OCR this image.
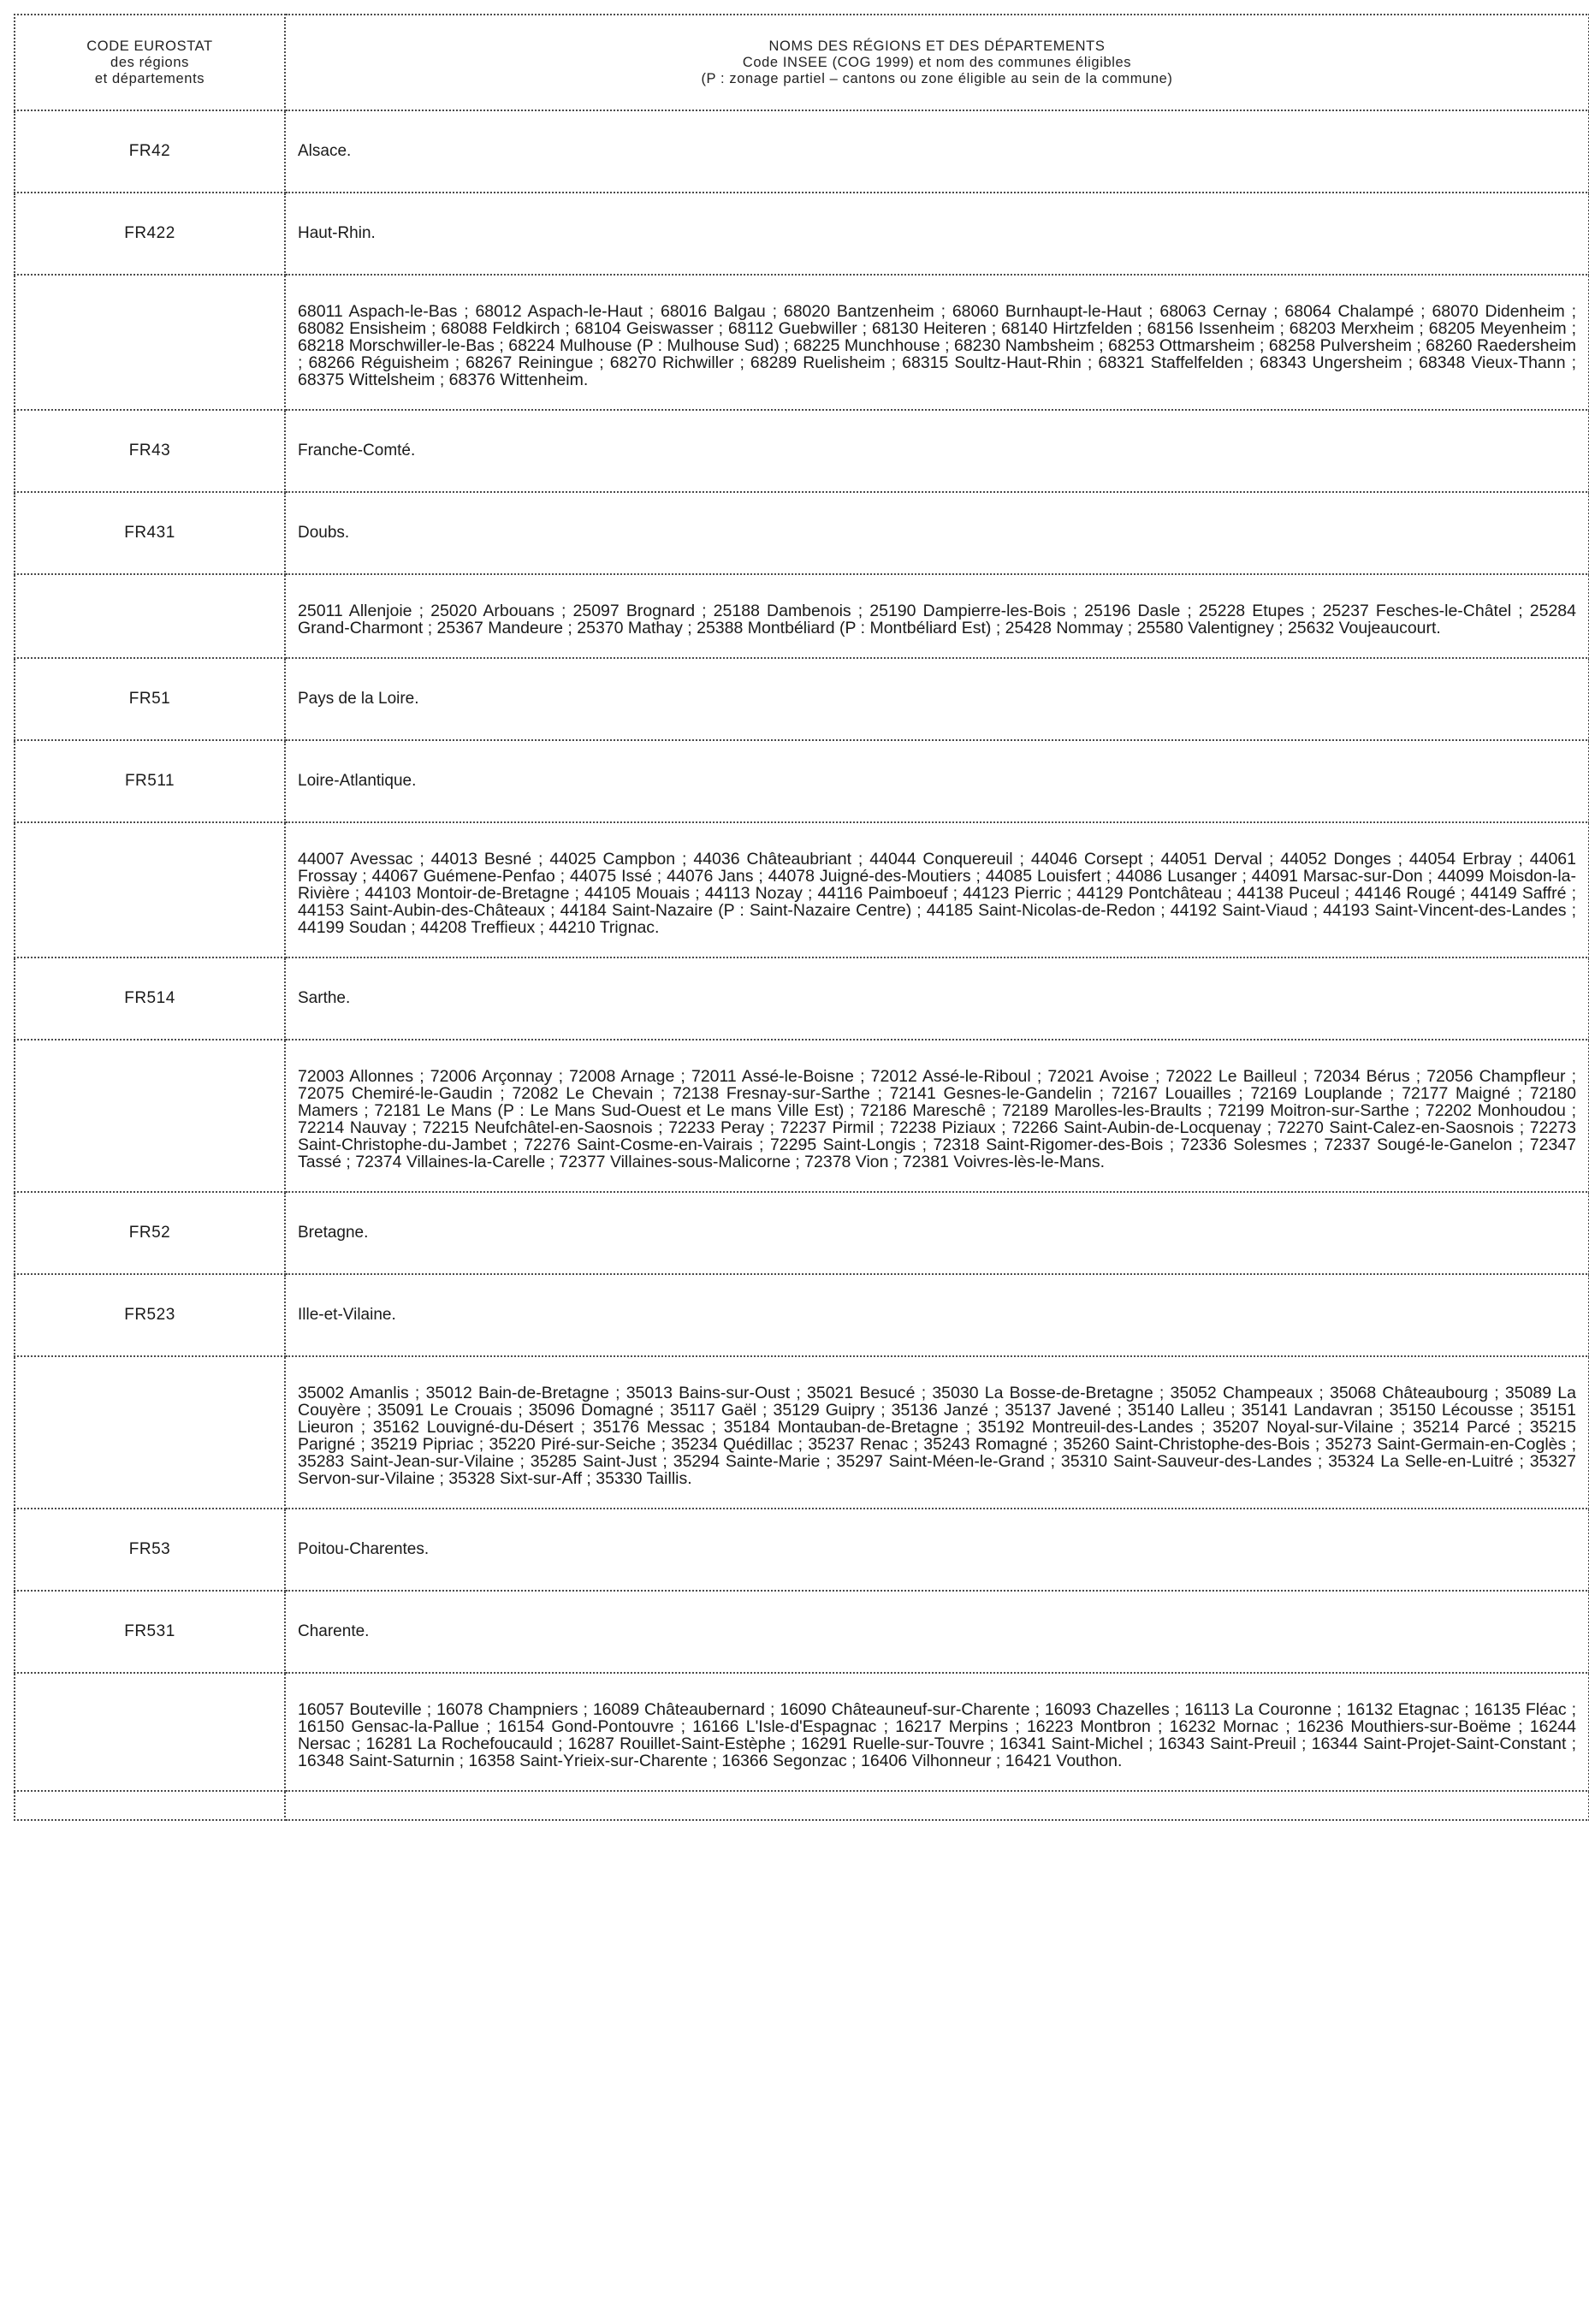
CODE EUROSTAT
des régions
et départements	NOMS DES RÉGIONS ET DES DÉPARTEMENTS
Code INSEE (COG 1999) et nom des communes éligibles
(P : zonage partiel – cantons ou zone éligible au sein de la commune)

FR42	Alsace.
FR422	Haut-Rhin.

	68011 Aspach-le-Bas ; 68012 Aspach-le-Haut ; 68016 Balgau ; 68020 Bantzenheim ; 68060 Burnhaupt-le-Haut ; 68063 Cernay ; 68064 Chalampé ; 68070 Didenheim ; 68082 Ensisheim ; 68088 Feldkirch ; 68104 Geiswasser ; 68112 Guebwiller ; 68130 Heiteren ; 68140 Hirtzfelden ; 68156 Issenheim ; 68203 Merxheim ; 68205 Meyenheim ; 68218 Morschwiller-le-Bas ; 68224 Mulhouse (P : Mulhouse Sud) ; 68225 Munchhouse ; 68230 Nambsheim ; 68253 Ottmarsheim ; 68258 Pulversheim ; 68260 Raedersheim ; 68266 Réguisheim ; 68267 Reiningue ; 68270 Richwiller ; 68289 Ruelisheim ; 68315 Soultz-Haut-Rhin ; 68321 Staffelfelden ; 68343 Ungersheim ; 68348 Vieux-Thann ; 68375 Wittelsheim ; 68376 Wittenheim.

FR43	Franche-Comté.
FR431	Doubs.

	25011 Allenjoie ; 25020 Arbouans ; 25097 Brognard ; 25188 Dambenois ; 25190 Dampierre-les-Bois ; 25196 Dasle ; 25228 Etupes ; 25237 Fesches-le-Châtel ; 25284 Grand-Charmont ; 25367 Mandeure ; 25370 Mathay ; 25388 Montbéliard (P : Montbéliard Est) ; 25428 Nommay ; 25580 Valentigney ; 25632 Voujeaucourt.

FR51	Pays de la Loire.
FR511	Loire-Atlantique.

	44007 Avessac ; 44013 Besné ; 44025 Campbon ; 44036 Châteaubriant ; 44044 Conquereuil ; 44046 Corsept ; 44051 Derval ; 44052 Donges ; 44054 Erbray ; 44061 Frossay ; 44067 Guémene-Penfao ; 44075 Issé ; 44076 Jans ; 44078 Juigné-des-Moutiers ; 44085 Louisfert ; 44086 Lusanger ; 44091 Marsac-sur-Don ; 44099 Moisdon-la-Rivière ; 44103 Montoir-de-Bretagne ; 44105 Mouais ; 44113 Nozay ; 44116 Paimboeuf ; 44123 Pierric ; 44129 Pontchâteau ; 44138 Puceul ; 44146 Rougé ; 44149 Saffré ; 44153 Saint-Aubin-des-Châteaux ; 44184 Saint-Nazaire (P : Saint-Nazaire Centre) ; 44185 Saint-Nicolas-de-Redon ; 44192 Saint-Viaud ; 44193 Saint-Vincent-des-Landes ; 44199 Soudan ; 44208 Treffieux ; 44210 Trignac.

FR514	Sarthe.

	72003 Allonnes ; 72006 Arçonnay ; 72008 Arnage ; 72011 Assé-le-Boisne ; 72012 Assé-le-Riboul ; 72021 Avoise ; 72022 Le Bailleul ; 72034 Bérus ; 72056 Champfleur ; 72075 Chemiré-le-Gaudin ; 72082 Le Chevain ; 72138 Fresnay-sur-Sarthe ; 72141 Gesnes-le-Gandelin ; 72167 Louailles ; 72169 Louplande ; 72177 Maigné ; 72180 Mamers ; 72181 Le Mans (P : Le Mans Sud-Ouest et Le mans Ville Est) ; 72186 Mareschê ; 72189 Marolles-les-Braults ; 72199 Moitron-sur-Sarthe ; 72202 Monhoudou ; 72214 Nauvay ; 72215 Neufchâtel-en-Saosnois ; 72233 Peray ; 72237 Pirmil ; 72238 Piziaux ; 72266 Saint-Aubin-de-Locquenay ; 72270 Saint-Calez-en-Saosnois ; 72273 Saint-Christophe-du-Jambet ; 72276 Saint-Cosme-en-Vairais ; 72295 Saint-Longis ; 72318 Saint-Rigomer-des-Bois ; 72336 Solesmes ; 72337 Sougé-le-Ganelon ; 72347 Tassé ; 72374 Villaines-la-Carelle ; 72377 Villaines-sous-Malicorne ; 72378 Vion ; 72381 Voivres-lès-le-Mans.

FR52	Bretagne.
FR523	Ille-et-Vilaine.

	35002 Amanlis ; 35012 Bain-de-Bretagne ; 35013 Bains-sur-Oust ; 35021 Besucé ; 35030 La Bosse-de-Bretagne ; 35052 Champeaux ; 35068 Châteaubourg ; 35089 La Couyère ; 35091 Le Crouais ; 35096 Domagné ; 35117 Gaël ; 35129 Guipry ; 35136 Janzé ; 35137 Javené ; 35140 Lalleu ; 35141 Landavran ; 35150 Lécousse ; 35151 Lieuron ; 35162 Louvigné-du-Désert ; 35176 Messac ; 35184 Montauban-de-Bretagne ; 35192 Montreuil-des-Landes ; 35207 Noyal-sur-Vilaine ; 35214 Parcé ; 35215 Parigné ; 35219 Pipriac ; 35220 Piré-sur-Seiche ; 35234 Quédillac ; 35237 Renac ; 35243 Romagné ; 35260 Saint-Christophe-des-Bois ; 35273 Saint-Germain-en-Coglès ; 35283 Saint-Jean-sur-Vilaine ; 35285 Saint-Just ; 35294 Sainte-Marie ; 35297 Saint-Méen-le-Grand ; 35310 Saint-Sauveur-des-Landes ; 35324 La Selle-en-Luitré ; 35327 Servon-sur-Vilaine ; 35328 Sixt-sur-Aff ; 35330 Taillis.

FR53	Poitou-Charentes.
FR531	Charente.

	16057 Bouteville ; 16078 Champniers ; 16089 Châteaubernard ; 16090 Châteauneuf-sur-Charente ; 16093 Chazelles ; 16113 La Couronne ; 16132 Etagnac ; 16135 Fléac ; 16150 Gensac-la-Pallue ; 16154 Gond-Pontouvre ; 16166 L'Isle-d'Espagnac ; 16217 Merpins ; 16223 Montbron ; 16232 Mornac ; 16236 Mouthiers-sur-Boëme ; 16244 Nersac ; 16281 La Rochefoucauld ; 16287 Rouillet-Saint-Estèphe ; 16291 Ruelle-sur-Touvre ; 16341 Saint-Michel ; 16343 Saint-Preuil ; 16344 Saint-Projet-Saint-Constant ; 16348 Saint-Saturnin ; 16358 Saint-Yrieix-sur-Charente ; 16366 Segonzac ; 16406 Vilhonneur ; 16421 Vouthon.
